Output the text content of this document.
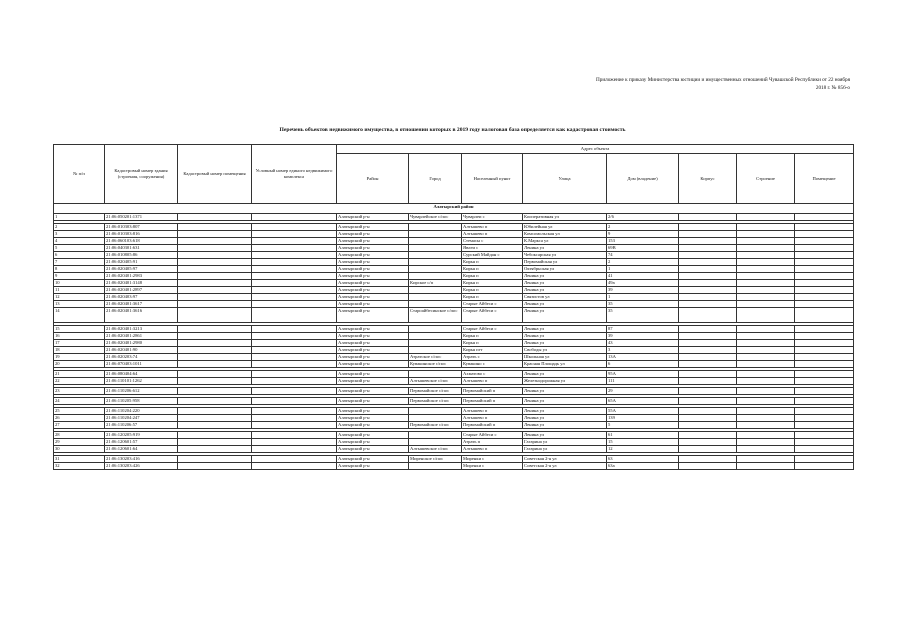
Приложение к приказу Министерства юстиции и имущественных отношений Чувашской Республики от 22 ноября
2018 г. № 856-о
Перечень объектов недвижимого имущества, в отношении которых в 2019 году налоговая база определяется как кадастровая стоимость
№ п/п	Кадастровый номер здания (строения, сооружения)	Кадастровый номер помещения	Условный номер единого недвижимого комплекса	Адрес объекта							
				Район	Город	Населенный пункт	Улица	Дом (владение)	Корпус	Строение	Помещение
Алатырский район											
1	21:06:050201:1371			Алатырский р-н	Чуварлейское с/пос	Чуварлеи с	Кооперативная ул	2/6			

2	21:06:010303:807			Алатырский р-н		Алтышево п	Юбилейная ул	2			
3	21:06:010303:816			Алатырский р-н		Алтышево п	Комсомольская ул	9			
4	21:06:060103:618			Алатырский р-н		Стемасы с	К.Маркса ул	153			
5	21:06:040301:631			Алатырский р-н		Явлеи с	Ленина ул	69В			
6	21:06:010805:86			Алатырский р-н		Сурский Майдан с	Чебоксарская ул	74			
7	21:06:020405:91			Алатырский р-н		Кирья п	Первомайская ул	2			
8	21:06:020405:97			Алатырский р-н		Кирья п	Октябрьская ул	1			
9	21:06:020401:2983			Алатырский р-н		Кирья п	Ленина ул	41			
10	21:06:020401:3148			Алатырский р-н	Кирское с/п	Кирья п	Ленина ул	49а			
11	21:06:020401:2897			Алатырский р-н		Кирья п	Ленина ул	39			
12	21:06:020403:97			Алатырский р-н		Кирья п	Связистов ул	1			
13	21:06:020401:3617			Алатырский р-н		Старые Айбеси с	Ленина ул	35			
14	21:06:020401:3616			Алатырский р-н	Старoайбесинское с/пос	Старые Айбеси с	Ленина ул	35			

15	21:06:020401:3213			Алатырский р-н		Старые Айбеси с	Ленина ул	87			
16	21:06:020401:2861			Алатырский р-н		Кирья п	Ленина ул	39			
17	21:06:020401:2980			Алатырский р-н		Кирья п	Ленина ул	43			
18	21:06:020401:90			Алатырский р-н		Кирья пгт	Свободы ул	3			
19	21:06:020203:74			Алатырский р-н	Атратское с/пос	Атрать с	Школьная ул	13А			
20	21:06:070403:1011			Алатырский р-н	Кувакинское с/пос	Кувакино с	Красная Площадь ул	6			

21	21:06:080404:64			Алатырский р-н		Ахматово с	Ленина ул	95А			
22	21:06:110101:1262			Алатырский р-н	Алтышевское с/пос	Алтышево п	Железнодорожная ул	111			

23	21:06:110206:612			Алатырский р-н	Первомайское с/пос	Первомайский п	Ленина ул	29			

24	21:06:110205:958			Алатырский р-н	Первомайское с/пос	Первомайский п	Ленина ул	65А			

25	21:06:110204:220			Алатырский р-н		Алтышево п	Ленина ул	55А			
26	21:06:110204:247			Алатырский р-н		Алтышево п	Ленина ул	139			
27	21:06:110206:57			Алатырский р-н	Первомайское с/пос	Первомайский п	Ленина ул	5			

28	21:06:120205:919			Алатырский р-н		Старые Айбеси с	Ленина ул	61			
29	21:06:120601:57			Алатырский р-н		Атрать п	Гагарина ул	15			
30	21:06:120601:64			Алатырский р-н	Алтышевское с/пос	Алтышево п	Гагарина ул	12			

31	21:06:130203:416			Алатырский р-н	Миренское с/пос	Миренки с	Советская 2-я ул	63			
32	21:06:130203:426			Алатырский р-н		Миренки с	Советская 2-я ул	63а			
